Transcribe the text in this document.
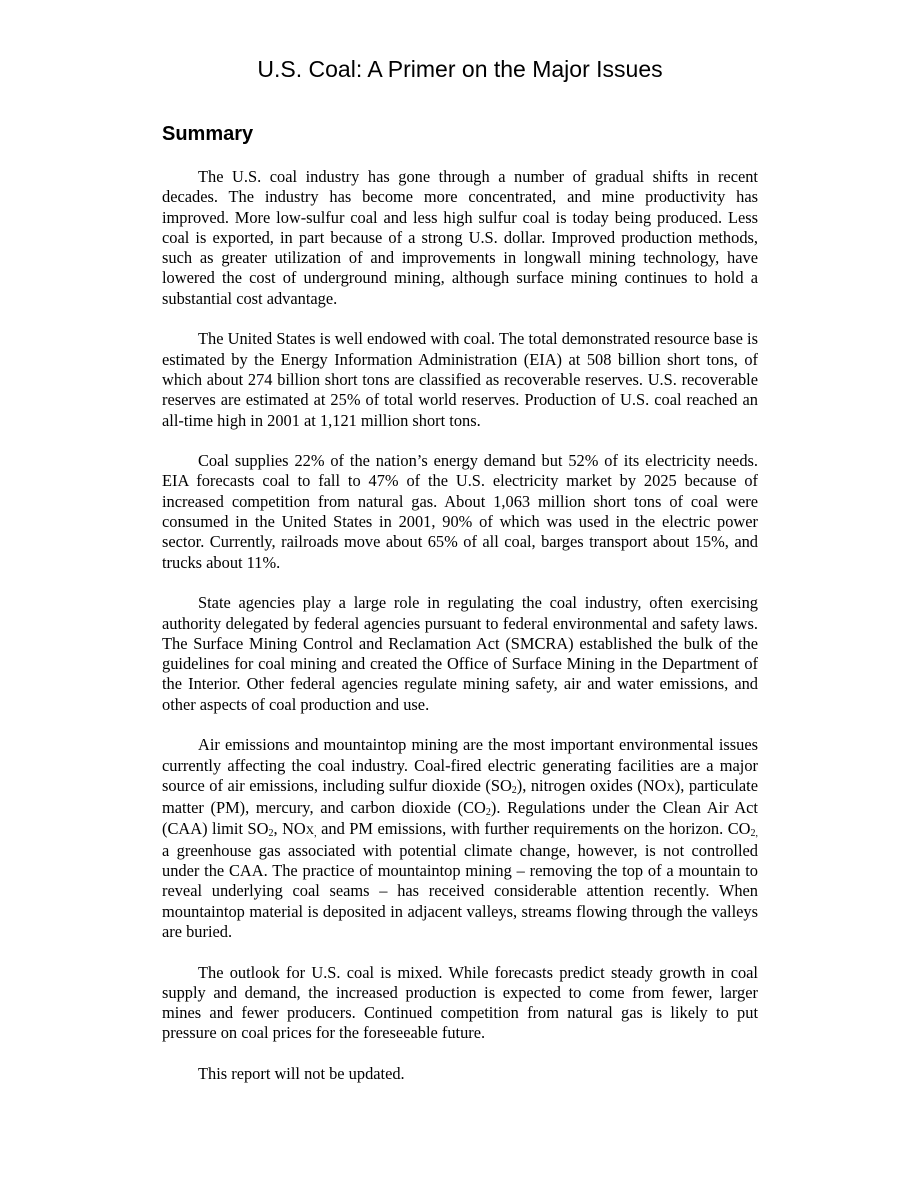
U.S. Coal: A Primer on the Major Issues
Summary

The U.S. coal industry has gone through a number of gradual shifts in recent decades. The industry has become more concentrated, and mine productivity has improved. More low-sulfur coal and less high sulfur coal is today being produced. Less coal is exported, in part because of a strong U.S. dollar. Improved production methods, such as greater utilization of and improvements in longwall mining technology, have lowered the cost of underground mining, although surface mining continues to hold a substantial cost advantage.

The United States is well endowed with coal. The total demonstrated resource base is estimated by the Energy Information Administration (EIA) at 508 billion short tons, of which about 274 billion short tons are classified as recoverable reserves. U.S. recoverable reserves are estimated at 25% of total world reserves. Production of U.S. coal reached an all-time high in 2001 at 1,121 million short tons.

Coal supplies 22% of the nation’s energy demand but 52% of its electricity needs. EIA forecasts coal to fall to 47% of the U.S. electricity market by 2025 because of increased competition from natural gas. About 1,063 million short tons of coal were consumed in the United States in 2001, 90% of which was used in the electric power sector. Currently, railroads move about 65% of all coal, barges transport about 15%, and trucks about 11%.

State agencies play a large role in regulating the coal industry, often exercising authority delegated by federal agencies pursuant to federal environmental and safety laws. The Surface Mining Control and Reclamation Act (SMCRA) established the bulk of the guidelines for coal mining and created the Office of Surface Mining in the Department of the Interior. Other federal agencies regulate mining safety, air and water emissions, and other aspects of coal production and use.

Air emissions and mountaintop mining are the most important environmental issues currently affecting the coal industry. Coal-fired electric generating facilities are a major source of air emissions, including sulfur dioxide $(SO_2)$, nitrogen oxides (NOX), particulate matter (PM), mercury, and carbon dioxide $(CO_2)$. Regulations under the Clean Air Act (CAA) limit $SO_2$, $NOX_,$ and PM emissions, with further requirements on the horizon. $CO_{2,}$ a greenhouse gas associated with potential climate change, however, is not controlled under the CAA. The practice of mountaintop mining – removing the top of a mountain to reveal underlying coal seams – has received considerable attention recently. When mountaintop material is deposited in adjacent valleys, streams flowing through the valleys are buried.

The outlook for U.S. coal is mixed. While forecasts predict steady growth in coal supply and demand, the increased production is expected to come from fewer, larger mines and fewer producers. Continued competition from natural gas is likely to put pressure on coal prices for the foreseeable future.

This report will not be updated.
